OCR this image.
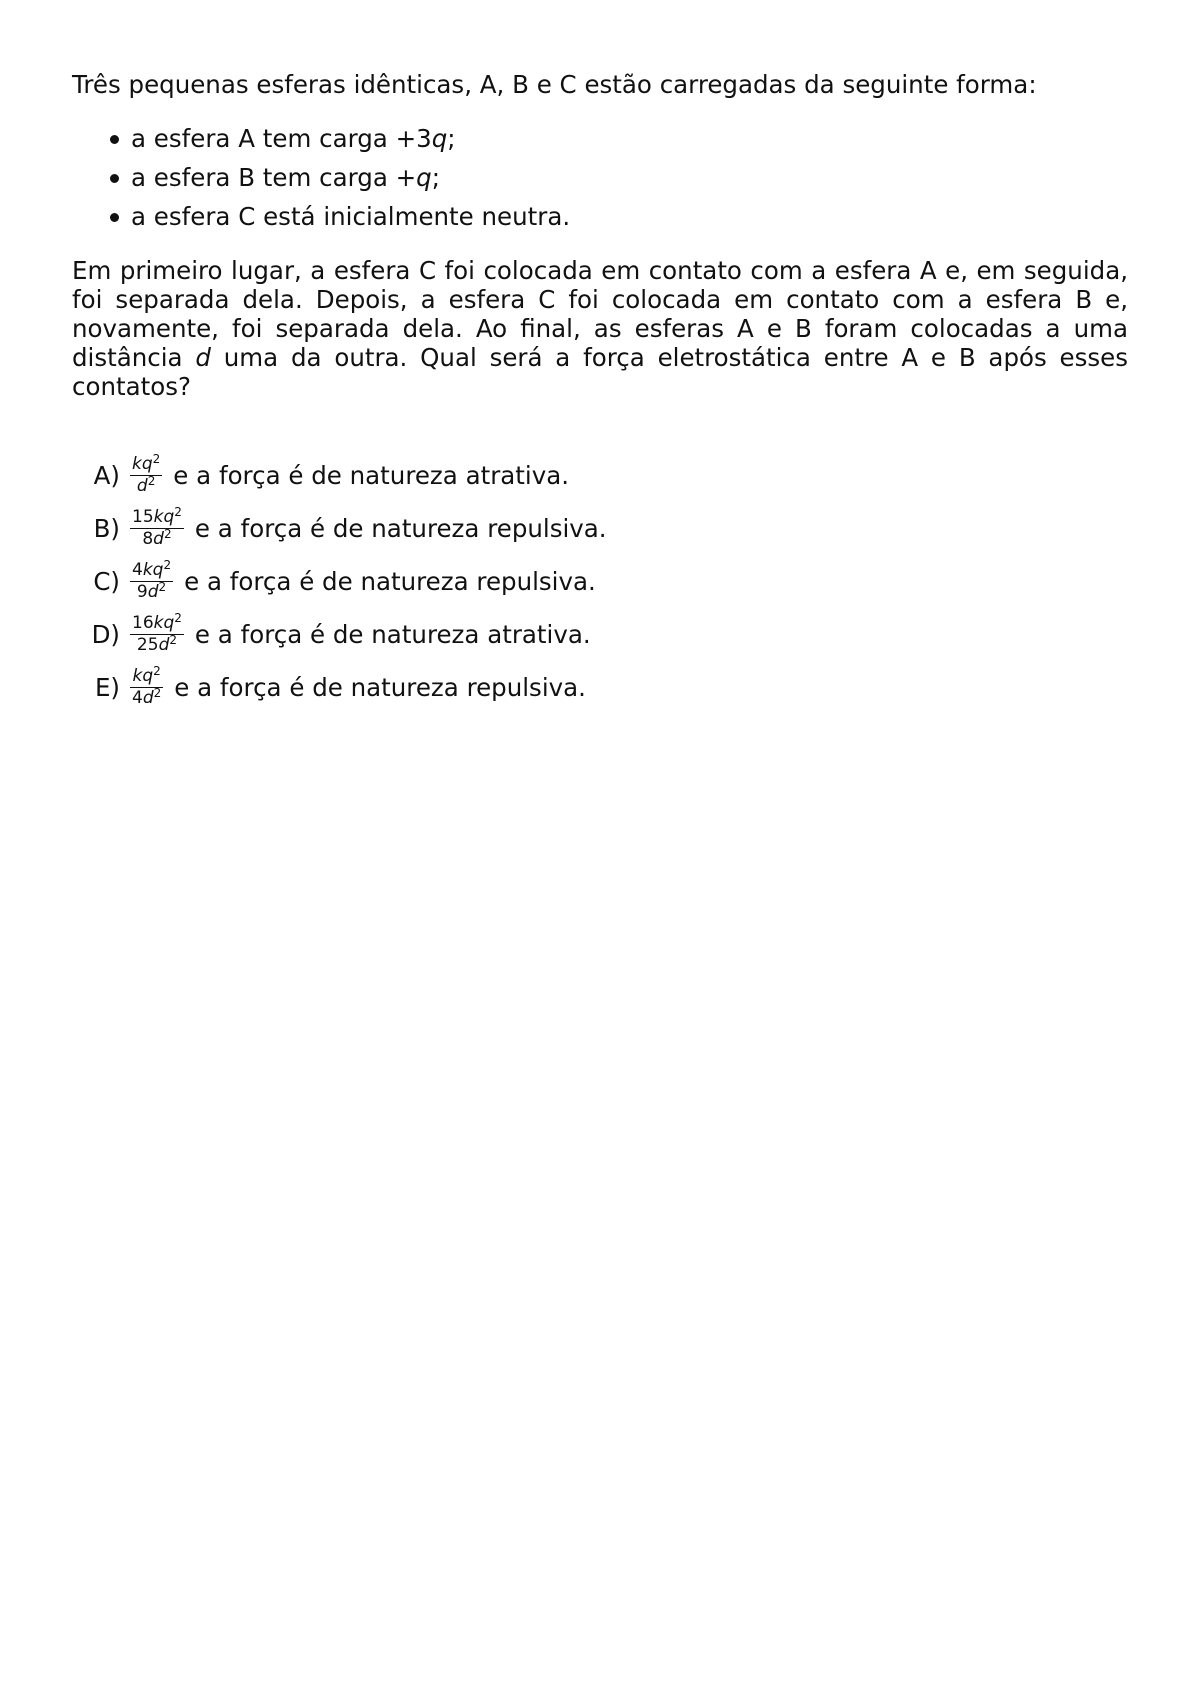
Três pequenas esferas idênticas, A, B e C estão carregadas da seguinte forma:

a esfera A tem carga +3q;
a esfera B tem carga +q;
a esfera C está inicialmente neutra.

Em primeiro lugar, a esfera C foi colocada em contato com a esfera A e, em seguida, foi separada dela. Depois, a esfera C foi colocada em contato com a esfera B e, novamente, foi separada dela. Ao final, as esferas A e B foram colocadas a uma distância d uma da outra. Qual será a força eletrostática entre A e B após esses contatos?

$A) \frac{kq^2}{d^2}$ e a força é de natureza atrativa.
$B) \frac{15kq^2}{8d^2}$ e a força é de natureza repulsiva.
$C) \frac{4kq^2}{9d^2}$ e a força é de natureza repulsiva.
$D) \frac{16kq^2}{25d^2}$ e a força é de natureza atrativa.
$E) \frac{kq^2}{4d^2}$ e a força é de natureza repulsiva.
